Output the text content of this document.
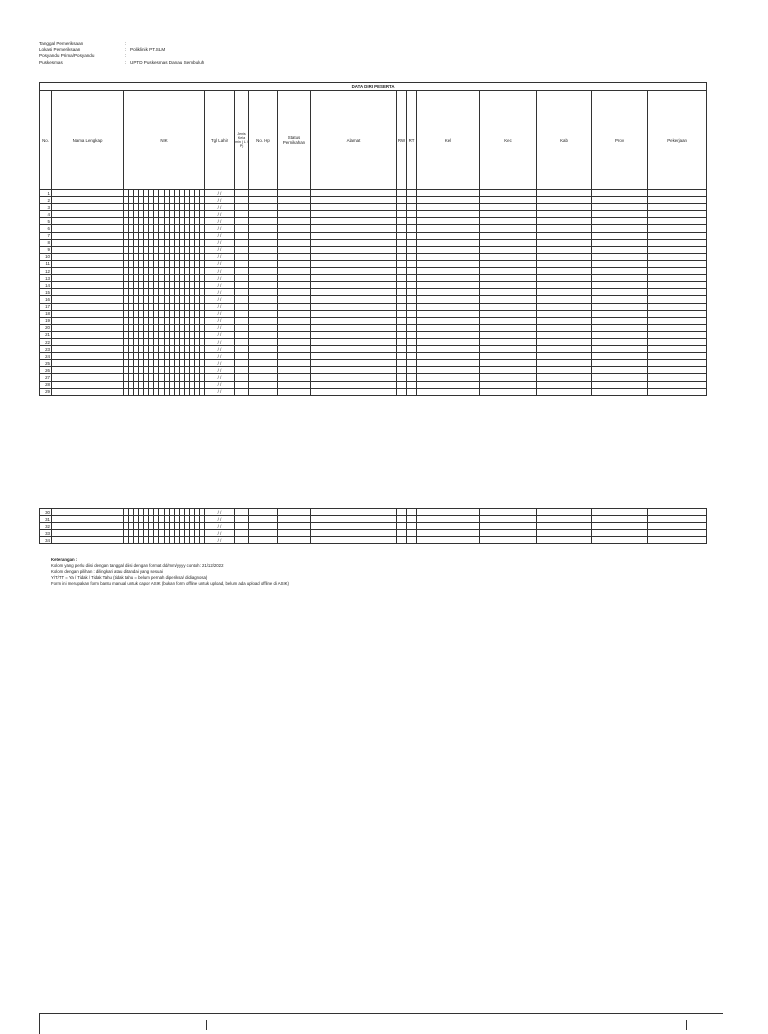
Tanggal Pemeriksaan	:
Lokasi Pemeriksaan	: Poliklinik PT.SLM
Posyandu Prima/Posyandu	:
Puskesmas	: UPTD Puskesmas Danau Sembuluh
DATA DIRI PESERTA														
No.	Nama Lengkap	NIK	Tgl Lahir	Jenis Kela min ( L / P)	No. Hp	Status Pernikahan	Alamat	RW	RT	Kel	Kec	Kab	Prov	Pekerjaan
1			/ /											
2			/ /											
3			/ /											
4			/ /											
5			/ /											
6			/ /											
7			/ /											
8			/ /											
9			/ /											
10			/ /											
11			/ /											
12			/ /											
13			/ /											
14			/ /											
15			/ /											
16			/ /											
17			/ /											
18			/ /											
19			/ /											
20			/ /											
21			/ /											
22			/ /											
23			/ /											
24			/ /											
25			/ /											
26			/ /											
27			/ /											
28			/ /											
29			/ /											
30			/ /											
31			/ /											
32			/ /											
33			/ /											
34			/ /											
Keterangan :
Kolom yang perlu diisi dengan tanggal diisi dengan format dd/mm/yyyy contoh: 21/12/2022
Kolom dengan pilihan : dilingkari atau ditandai yang sesuai
Y/T/TT = Ya / Tidak / Tidak Tahu (tidak tahu = belum pernah diperiksa/ didiagnosa)
Form ini merupakan form bantu manual untuk capor ASIK (bukan form offline untuk upload, belum ada upload offline di ASIK)
